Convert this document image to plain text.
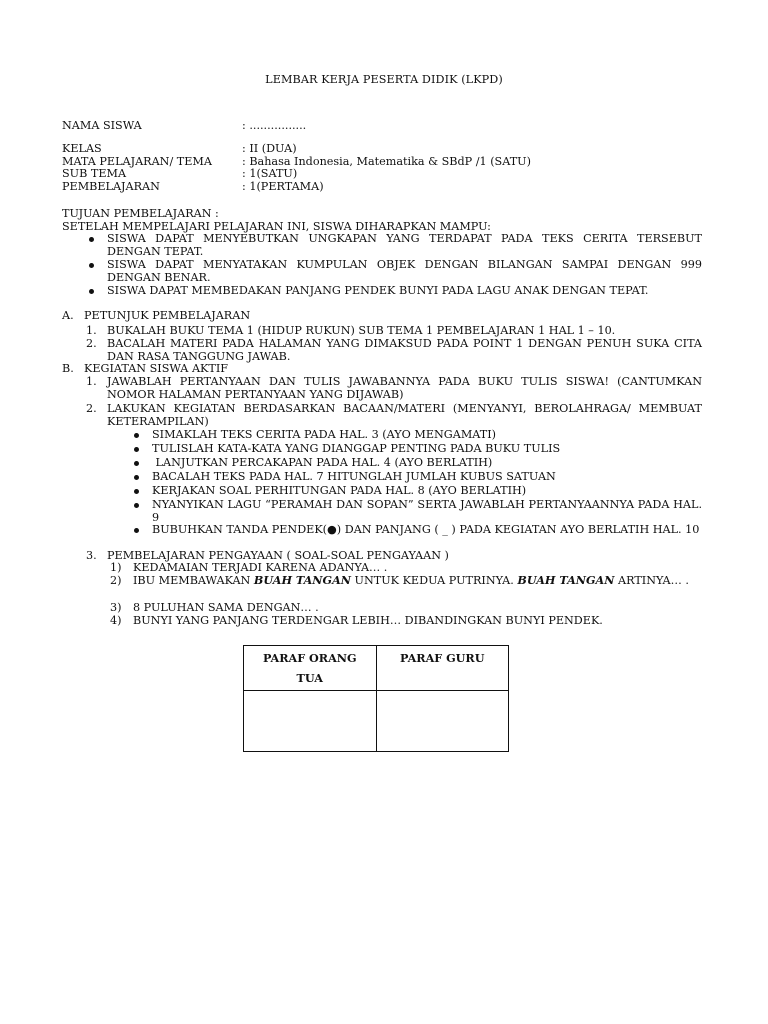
LEMBAR KERJA PESERTA DIDIK (LKPD)
NAMA SISWA	: ................
KELAS	: II (DUA)
MATA PELAJARAN/ TEMA	: Bahasa Indonesia, Matematika & SBdP /1 (SATU)
SUB TEMA	: 1(SATU)
PEMBELAJARAN	: 1(PERTAMA)
TUJUAN PEMBELAJARAN :
SETELAH MEMPELAJARI PELAJARAN INI, SISWA DIHARAPKAN MAMPU:
SISWA DAPAT MENYEBUTKAN UNGKAPAN YANG TERDAPAT PADA TEKS CERITA TERSEBUT DENGAN TEPAT.
SISWA DAPAT MENYATAKAN KUMPULAN OBJEK DENGAN BILANGAN SAMPAI DENGAN 999 DENGAN BENAR.
SISWA DAPAT MEMBEDAKAN PANJANG PENDEK BUNYI PADA LAGU ANAK DENGAN TEPAT.
A. PETUNJUK PEMBELAJARAN
1. BUKALAH BUKU TEMA 1 (HIDUP RUKUN) SUB TEMA 1 PEMBELAJARAN 1 HAL 1 – 10.
2. BACALAH MATERI PADA HALAMAN YANG DIMAKSUD PADA POINT 1 DENGAN PENUH SUKA CITA DAN RASA TANGGUNG JAWAB.
B. KEGIATAN SISWA AKTIF
1. JAWABLAH PERTANYAAN DAN TULIS JAWABANNYA PADA BUKU TULIS SISWA! (CANTUMKAN NOMOR HALAMAN PERTANYAAN YANG DIJAWAB)
2. LAKUKAN KEGIATAN BERDASARKAN BACAAN/MATERI (MENYANYI, BEROLAHRAGA/ MEMBUAT KETERAMPILAN)
SIMAKLAH TEKS CERITA PADA HAL. 3 (AYO MENGAMATI)
TULISLAH KATA-KATA YANG DIANGGAP PENTING PADA BUKU TULIS
LANJUTKAN PERCAKAPAN PADA HAL. 4 (AYO BERLATIH)
BACALAH TEKS PADA HAL. 7 HITUNGLAH JUMLAH KUBUS SATUAN
KERJAKAN SOAL PERHITUNGAN PADA HAL. 8 (AYO BERLATIH)
NYANYIKAN LAGU “PERAMAH DAN SOPAN” SERTA JAWABLAH PERTANYAANNYA PADA HAL. 9
BUBUHKAN TANDA PENDEK(●) DAN PANJANG ( _ ) PADA KEGIATAN AYO BERLATIH HAL. 10
3. PEMBELAJARAN PENGAYAAN ( SOAL-SOAL PENGAYAAN )
1) KEDAMAIAN TERJADI KARENA ADANYA… .
2) IBU MEMBAWAKAN BUAH TANGAN UNTUK KEDUA PUTRINYA. BUAH TANGAN ARTINYA… .
3) 8 PULUHAN SAMA DENGAN… .
4) BUNYI YANG PANJANG TERDENGAR LEBIH… DIBANDINGKAN BUNYI PENDEK.
PARAF ORANG TUA	PARAF GURU
